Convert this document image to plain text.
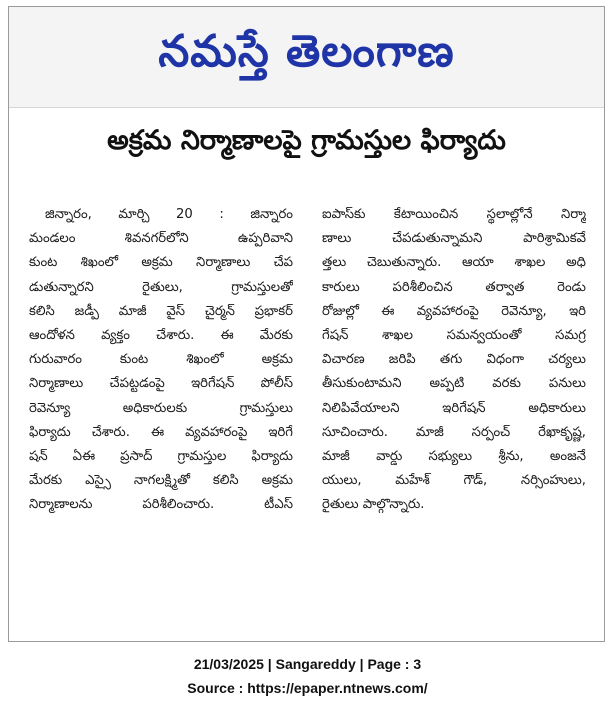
నమస్తే తెలంగాణ
అక్రమ నిర్మాణాలపై గ్రామస్తుల ఫిర్యాదు
జిన్నారం, మార్చి 20 : జిన్నారం
మండలం శివనగర్‌లోని ఉప్పరివాని
కుంట శిఖంలో అక్రమ నిర్మాణాలు చేప
డుతున్నారని రైతులు, గ్రామస్తులతో
కలిసి జడ్పీ మాజీ వైస్ చైర్మన్ ప్రభాకర్
ఆందోళన వ్యక్తం చేశారు. ఈ మేరకు
గురువారం కుంట శిఖంలో అక్రమ
నిర్మాణాలు చేపట్టడంపై ఇరిగేషన్ పోలీస్
రెవెన్యూ అధికారులకు గ్రామస్తులు
ఫిర్యాదు చేశారు. ఈ వ్యవహారంపై ఇరిగే
షన్ ఏఈ ప్రసాద్ గ్రామస్తుల ఫిర్యాదు
మేరకు ఎస్సై నాగలక్ష్మితో కలిసి అక్రమ
నిర్మాణాలను పరిశీలించారు. టీఎస్
ఐపాస్‌కు కేటాయించిన స్థలాల్లోనే నిర్మా
ణాలు చేపడుతున్నామని పారిశ్రామికవే
త్తలు చెబుతున్నారు. ఆయా శాఖల అధి
కారులు పరిశీలించిన తర్వాత రెండు
రోజుల్లో ఈ వ్యవహారంపై రెవెన్యూ, ఇరి
గేషన్ శాఖల సమన్వయంతో సమగ్ర
విచారణ జరిపి తగు విధంగా చర్యలు
తీసుకుంటామని అప్పటి వరకు పనులు
నిలిపివేయాలని ఇరిగేషన్ అధికారులు
సూచించారు. మాజీ సర్పంచ్ రేఖాకృష్ణ,
మాజీ వార్డు సభ్యులు శ్రీను, అంజనే
యులు, మహేశ్ గౌడ్, నర్సింహులు,
రైతులు పాల్గొన్నారు.
21/03/2025 | Sangareddy | Page : 3
Source : https://epaper.ntnews.com/
